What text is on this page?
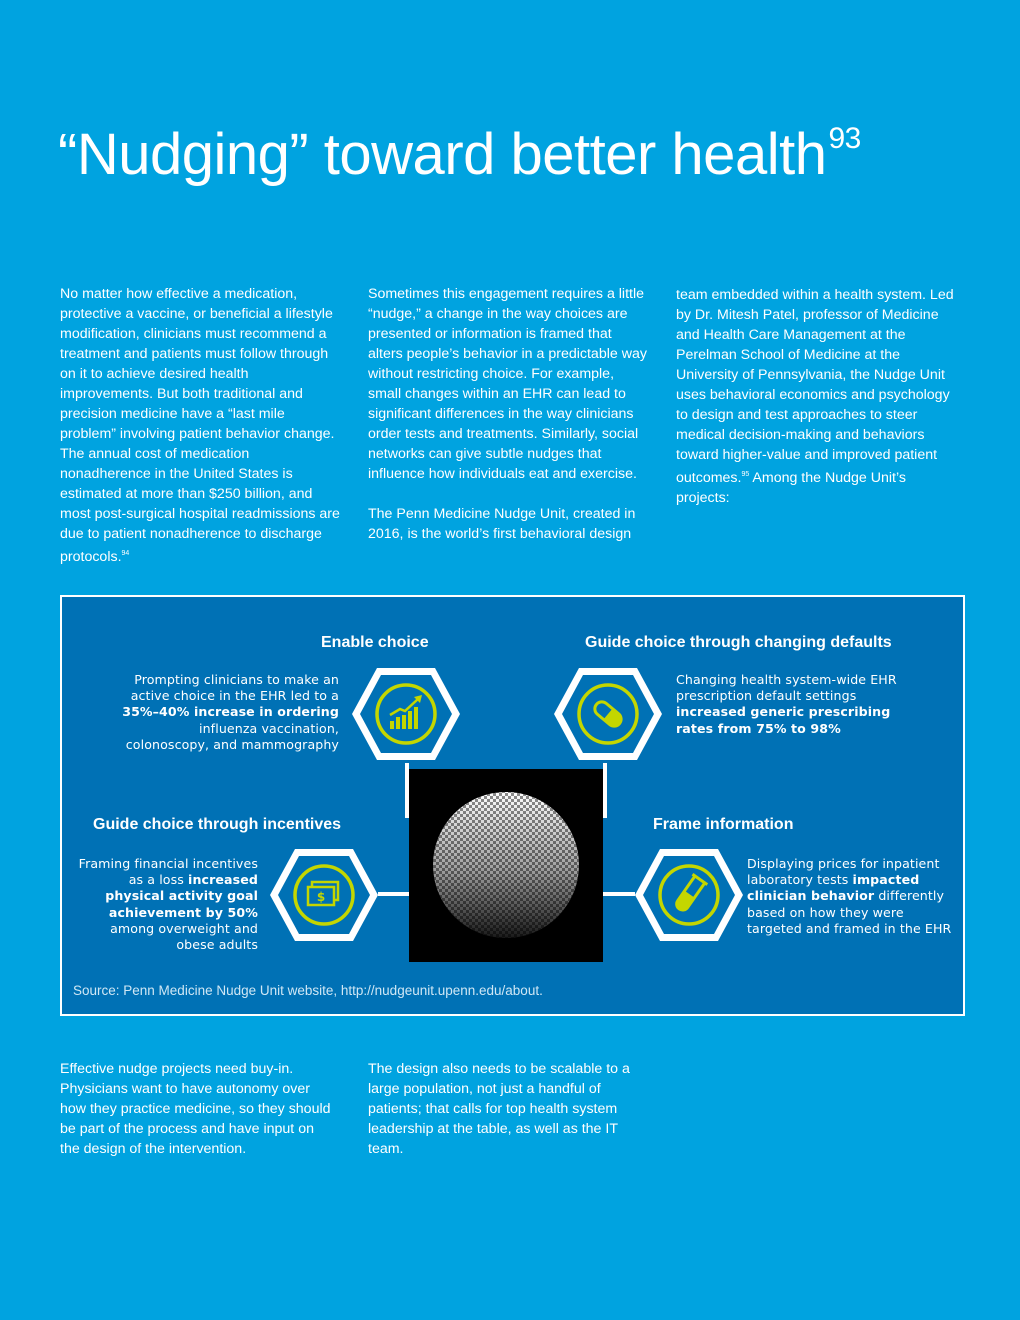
“Nudging” toward better health$^{93}$

No matter how effective a medication, protective a vaccine, or beneficial a lifestyle modification, clinicians must recommend a treatment and patients must follow through on it to achieve desired health improvements. But both traditional and precision medicine have a “last mile problem” involving patient behavior change. The annual cost of medication nonadherence in the United States is estimated at more than $250 billion, and most post-surgical hospital readmissions are due to patient nonadherence to discharge protocols.$^{94}$

Sometimes this engagement requires a little “nudge,” a change in the way choices are presented or information is framed that alters people’s behavior in a predictable way without restricting choice. For example, small changes within an EHR can lead to significant differences in the way clinicians order tests and treatments. Similarly, social networks can give subtle nudges that influence how individuals eat and exercise.

The Penn Medicine Nudge Unit, created in 2016, is the world’s first behavioral design

team embedded within a health system. Led by Dr. Mitesh Patel, professor of Medicine and Health Care Management at the Perelman School of Medicine at the University of Pennsylvania, the Nudge Unit uses behavioral economics and psychology to design and test approaches to steer medical decision-making and behaviors toward higher-value and improved patient outcomes.$^{95}$ Among the Nudge Unit’s projects:

Enable choice
Prompting clinicians to make an active choice in the EHR led to a 35%–40% increase in ordering influenza vaccination, colonoscopy, and mammography
Guide choice through changing defaults
Changing health system-wide EHR prescription default settings increased generic prescribing rates from 75% to 98%
Guide choice through incentives
Framing financial incentives as a loss increased physical activity goal achievement by 50% among overweight and obese adults
$
Frame information
Displaying prices for inpatient laboratory tests impacted clinician behavior differently based on how they were targeted and framed in the EHR
Source: Penn Medicine Nudge Unit website, http://nudgeunit.upenn.edu/about.

Effective nudge projects need buy-in. Physicians want to have autonomy over how they practice medicine, so they should be part of the process and have input on the design of the intervention.

The design also needs to be scalable to a large population, not just a handful of patients; that calls for top health system leadership at the table, as well as the IT team.
